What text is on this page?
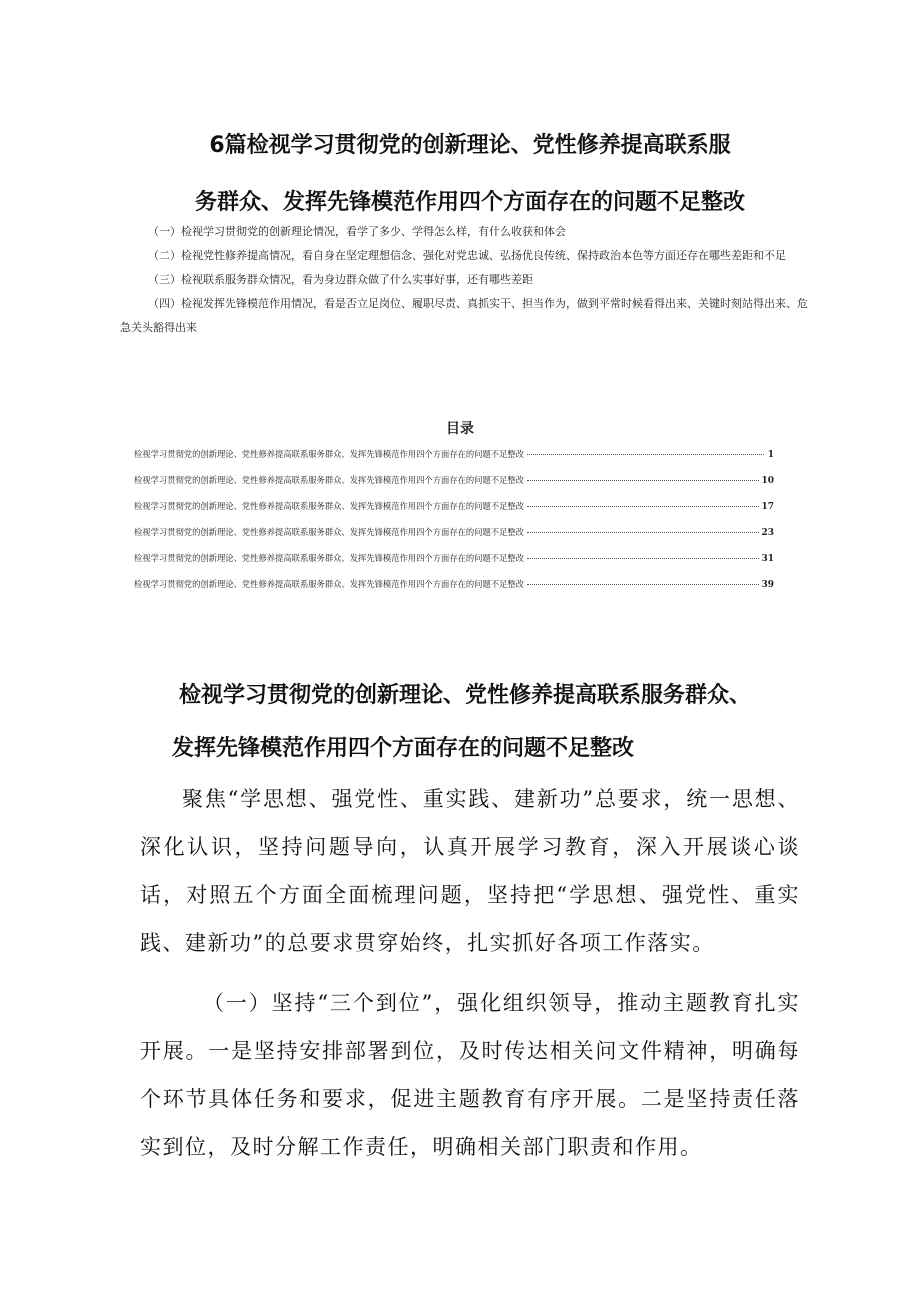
6篇检视学习贯彻党的创新理论、党性修养提高联系服
务群众、发挥先锋模范作用四个方面存在的问题不足整改

（一）检视学习贯彻党的创新理论情况，看学了多少、学得怎么样，有什么收获和体会

（二）检视党性修养提高情况，看自身在坚定理想信念、强化对党忠诚、弘扬优良传统、保持政治本色等方面还存在哪些差距和不足

（三）检视联系服务群众情况，看为身边群众做了什么实事好事，还有哪些差距

（四）检视发挥先锋模范作用情况，看是否立足岗位、履职尽责、真抓实干、担当作为，做到平常时候看得出来、关键时刻站得出来、危急关头豁得出来

目录
检视学习贯彻党的创新理论、党性修养提高联系服务群众、发挥先锋模范作用四个方面存在的问题不足整改	1
检视学习贯彻党的创新理论、党性修养提高联系服务群众、发挥先锋模范作用四个方面存在的问题不足整改	10
检视学习贯彻党的创新理论、党性修养提高联系服务群众、发挥先锋模范作用四个方面存在的问题不足整改	17
检视学习贯彻党的创新理论、党性修养提高联系服务群众、发挥先锋模范作用四个方面存在的问题不足整改	23
检视学习贯彻党的创新理论、党性修养提高联系服务群众、发挥先锋模范作用四个方面存在的问题不足整改	31
检视学习贯彻党的创新理论、党性修养提高联系服务群众、发挥先锋模范作用四个方面存在的问题不足整改	39
检视学习贯彻党的创新理论、党性修养提高联系服务群众、
发挥先锋模范作用四个方面存在的问题不足整改

聚焦“学思想、强党性、重实践、建新功”总要求，统一思想、深化认识，坚持问题导向，认真开展学习教育，深入开展谈心谈话，对照五个方面全面梳理问题，坚持把“学思想、强党性、重实践、建新功”的总要求贯穿始终，扎实抓好各项工作落实。

（一）坚持“三个到位”，强化组织领导，推动主题教育扎实开展。一是坚持安排部署到位，及时传达相关问文件精神，明确每个环节具体任务和要求，促进主题教育有序开展。二是坚持责任落实到位，及时分解工作责任，明确相关部门职责和作用。
